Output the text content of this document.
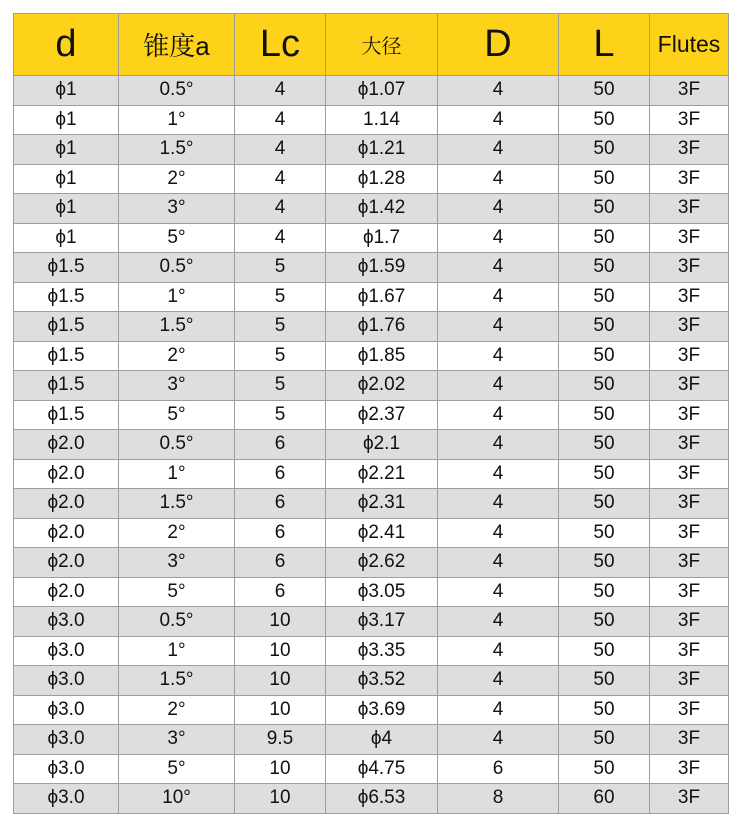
d	锥度a	Lc	大径	D	L	Flutes
ϕ1	0.5°	4	ϕ1.07	4	50	3F
ϕ1	1°	4	1.14	4	50	3F
ϕ1	1.5°	4	ϕ1.21	4	50	3F
ϕ1	2°	4	ϕ1.28	4	50	3F
ϕ1	3°	4	ϕ1.42	4	50	3F
ϕ1	5°	4	ϕ1.7	4	50	3F
ϕ1.5	0.5°	5	ϕ1.59	4	50	3F
ϕ1.5	1°	5	ϕ1.67	4	50	3F
ϕ1.5	1.5°	5	ϕ1.76	4	50	3F
ϕ1.5	2°	5	ϕ1.85	4	50	3F
ϕ1.5	3°	5	ϕ2.02	4	50	3F
ϕ1.5	5°	5	ϕ2.37	4	50	3F
ϕ2.0	0.5°	6	ϕ2.1	4	50	3F
ϕ2.0	1°	6	ϕ2.21	4	50	3F
ϕ2.0	1.5°	6	ϕ2.31	4	50	3F
ϕ2.0	2°	6	ϕ2.41	4	50	3F
ϕ2.0	3°	6	ϕ2.62	4	50	3F
ϕ2.0	5°	6	ϕ3.05	4	50	3F
ϕ3.0	0.5°	10	ϕ3.17	4	50	3F
ϕ3.0	1°	10	ϕ3.35	4	50	3F
ϕ3.0	1.5°	10	ϕ3.52	4	50	3F
ϕ3.0	2°	10	ϕ3.69	4	50	3F
ϕ3.0	3°	9.5	ϕ4	4	50	3F
ϕ3.0	5°	10	ϕ4.75	6	50	3F
ϕ3.0	10°	10	ϕ6.53	8	60	3F
